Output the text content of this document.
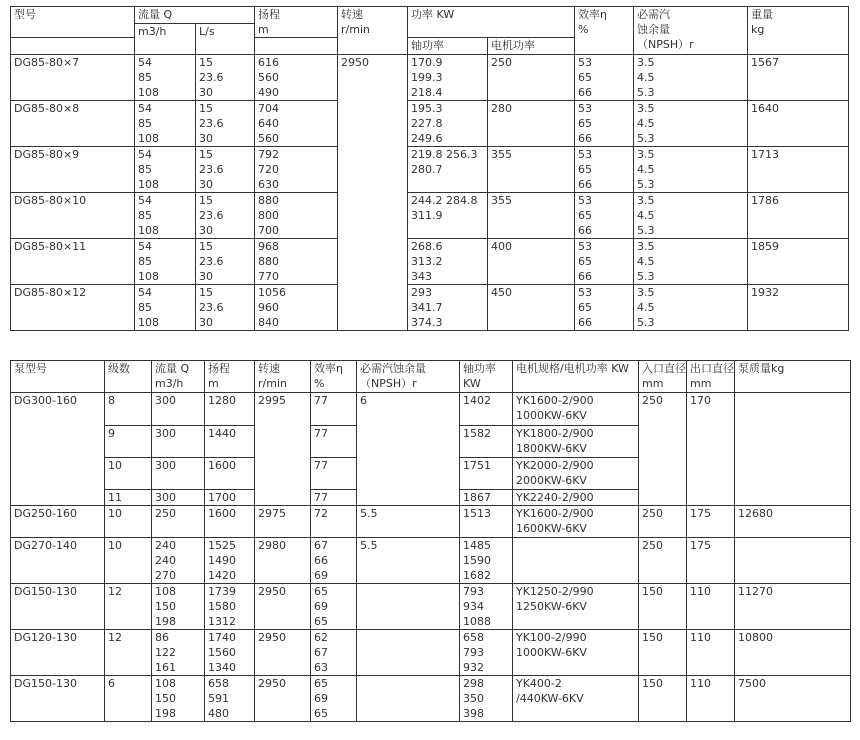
型号	流量 Q		扬程
m	转速
r/min	功率 KW		效率η
%	必需汽
蚀余量
（NPSH）r	重量
kg

	m3/h	L/s							
					轴功率	电机功率			
DG85-80×7	54
85
108	15
23.6
30	616
560
490	2950	170.9
199.3
218.4	250	53
65
66	3.5
4.5
5.3	1567
DG85-80×8	54
85
108	15
23.6
30	704
640
560		195.3
227.8
249.6	280	53
65
66	3.5
4.5
5.3	1640
DG85-80×9	54
85
108	15
23.6
30	792
720
630		219.8 256.3
280.7	355	53
65
66	3.5
4.5
5.3	1713
DG85-80×10	54
85
108	15
23.6
30	880
800
700		244.2 284.8
311.9	355	53
65
66	3.5
4.5
5.3	1786
DG85-80×11	54
85
108	15
23.6
30	968
880
770		268.6
313.2
343	400	53
65
66	3.5
4.5
5.3	1859
DG85-80×12	54
85
108	15
23.6
30	1056
960
840		293
341.7
374.3	450	53
65
66	3.5
4.5
5.3	1932
泵型号	级数	流量 Q
m3/h	扬程
m	转速
r/min	效率η
%	必需汽蚀余量
（NPSH）r	轴功率
KW	电机规格/电机功率 KW	入口直径
mm	出口直径
mm	泵质量kg
DG300-160	8	300	1280	2995	77	6	1402	YK1600-2/900
1000KW-6KV	250	170	
	9	300	1440		77		1582	YK1800-2/900
1800KW-6KV			

	10	300	1600		77		1751	YK2000-2/900
2000KW-6KV			

	11	300	1700		77		1867	YK2240-2/900			
DG250-160	10	250	1600	2975	72	5.5	1513	YK1600-2/900
1600KW-6KV	250	175	12680
DG270-140	10	240
240
270	1525
1490
1420	2980	67
66
69	5.5	1485
1590
1682		250	175	
DG150-130	12	108
150
198	1739
1580
1312	2950	65
69
65		793
934
1088	YK1250-2/990
1250KW-6KV	150	110	11270
DG120-130	12	86
122
161	1740
1560
1340	2950	62
67
63		658
793
932	YK100-2/990
1000KW-6KV	150	110	10800
DG150-130	6	108
150
198	658
591
480	2950	65
69
65		298
350
398	YK400-2
/440KW-6KV	150	110	7500
